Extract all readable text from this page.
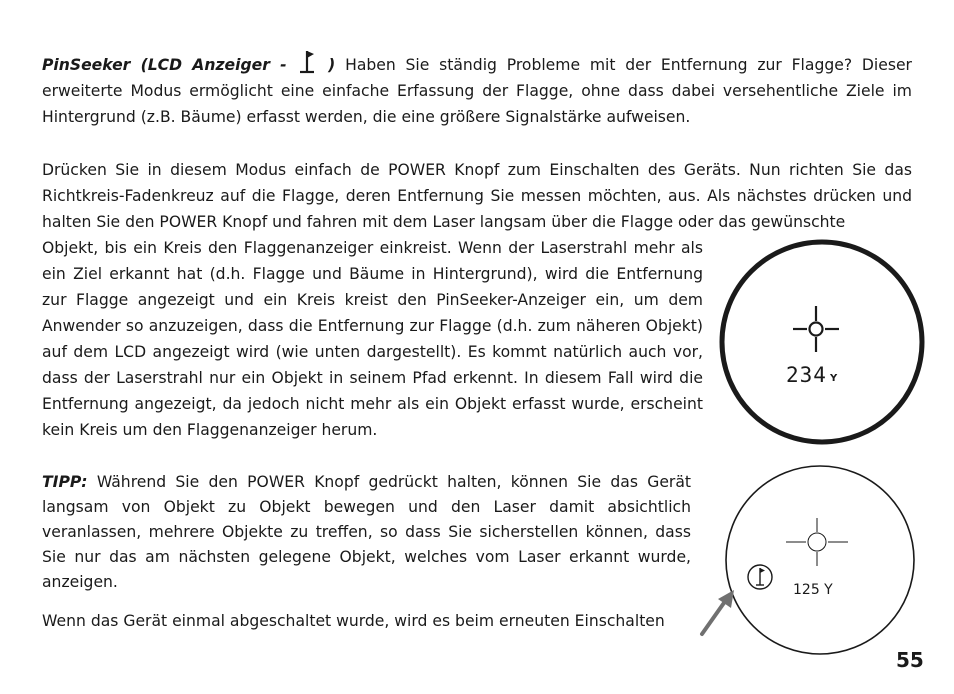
PinSeeker (LCD Anzeiger -	) Haben Sie ständig Probleme mit der Entfernung zur Flagge? Dieser erweiterte Modus ermöglicht eine einfache Erfassung der Flagge, ohne dass dabei versehentliche Ziele im Hintergrund (z.B. Bäume) erfasst werden, die eine größere Signalstärke aufweisen.

Drücken Sie in diesem Modus einfach de POWER Knopf zum Einschalten des Geräts. Nun richten Sie das Richtkreis-Fadenkreuz auf die Flagge, deren Entfernung Sie messen möchten, aus. Als nächstes drücken und halten Sie den POWER Knopf und fahren mit dem Laser langsam über die Flagge oder das gewünschte

Objekt, bis ein Kreis den Flaggenanzeiger einkreist. Wenn der Laserstrahl mehr als ein Ziel erkannt hat (d.h. Flagge und Bäume in Hintergrund), wird die Entfernung zur Flagge angezeigt und ein Kreis kreist den PinSeeker-Anzeiger ein, um dem Anwender so anzuzeigen, dass die Entfernung zur Flagge (d.h. zum näheren Objekt) auf dem LCD angezeigt wird (wie unten dargestellt). Es kommt natürlich auch vor, dass der Laserstrahl nur ein Objekt in seinem Pfad erkennt. In diesem Fall wird die Entfernung angezeigt, da jedoch nicht mehr als ein Objekt erfasst wurde, erscheint kein Kreis um den Flaggenanzeiger herum.

TIPP: Während Sie den POWER Knopf gedrückt halten, können Sie das Gerät langsam von Objekt zu Objekt bewegen und den Laser damit absichtlich veranlassen, mehrere Objekte zu treffen, so dass Sie sicherstellen können, dass Sie nur das am nächsten gelegene Objekt, welches vom Laser erkannt wurde, anzeigen.

Wenn das Gerät einmal abgeschaltet wurde, wird es beim erneuten Einschalten

234 Y
125 Y
55
